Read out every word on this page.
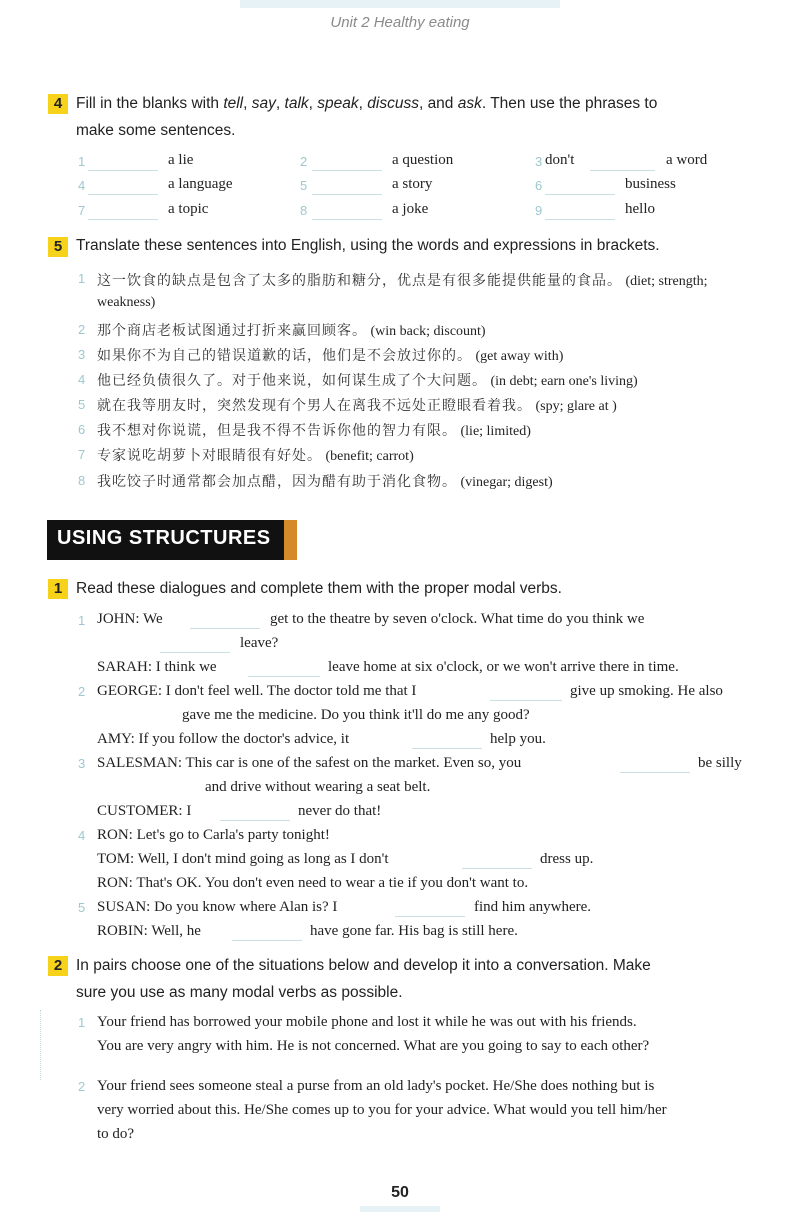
Unit 2 Healthy eating
4 Fill in the blanks with tell, say, talk, speak, discuss, and ask. Then use the phrases to
make some sentences.
1	a lie	2	a question	3 don't	a word
4	a language	5	a story	6	business
7	a topic	8	a joke	9	hello
5 Translate these sentences into English, using the words and expressions in brackets.
1 这一饮食的缺点是包含了太多的脂肪和糖分，优点是有很多能提供能量的食品。 (diet; strength;
weakness)
2 那个商店老板试图通过打折来赢回顾客。 (win back; discount)
3 如果你不为自己的错误道歉的话，他们是不会放过你的。 (get away with)
4 他已经负债很久了。对于他来说，如何谋生成了个大问题。 (in debt; earn one's living)
5 就在我等朋友时，突然发现有个男人在离我不远处正瞪眼看着我。 (spy; glare at )
6 我不想对你说谎，但是我不得不告诉你他的智力有限。 (lie; limited)
7 专家说吃胡萝卜对眼睛很有好处。 (benefit; carrot)
8 我吃饺子时通常都会加点醋，因为醋有助于消化食物。 (vinegar; digest)
USING STRUCTURES
1 Read these dialogues and complete them with the proper modal verbs.
1 JOHN: We	get to the theatre by seven o'clock. What time do you think we
leave?
SARAH: I think we	leave home at six o'clock, or we won't arrive there in time.
2 GEORGE: I don't feel well. The doctor told me that I	give up smoking. He also
gave me the medicine. Do you think it'll do me any good?
AMY: If you follow the doctor's advice, it	help you.
3 SALESMAN: This car is one of the safest on the market. Even so, you	be silly
and drive without wearing a seat belt.
CUSTOMER: I	never do that!
4 RON: Let's go to Carla's party tonight!
TOM: Well, I don't mind going as long as I don't	dress up.
RON: That's OK. You don't even need to wear a tie if you don't want to.
5 SUSAN: Do you know where Alan is? I	find him anywhere.
ROBIN: Well, he	have gone far. His bag is still here.
2 In pairs choose one of the situations below and develop it into a conversation. Make
sure you use as many modal verbs as possible.
1 Your friend has borrowed your mobile phone and lost it while he was out with his friends.
You are very angry with him. He is not concerned. What are you going to say to each other?
2 Your friend sees someone steal a purse from an old lady's pocket. He/She does nothing but is
very worried about this. He/She comes up to you for your advice. What would you tell him/her
to do?
50
